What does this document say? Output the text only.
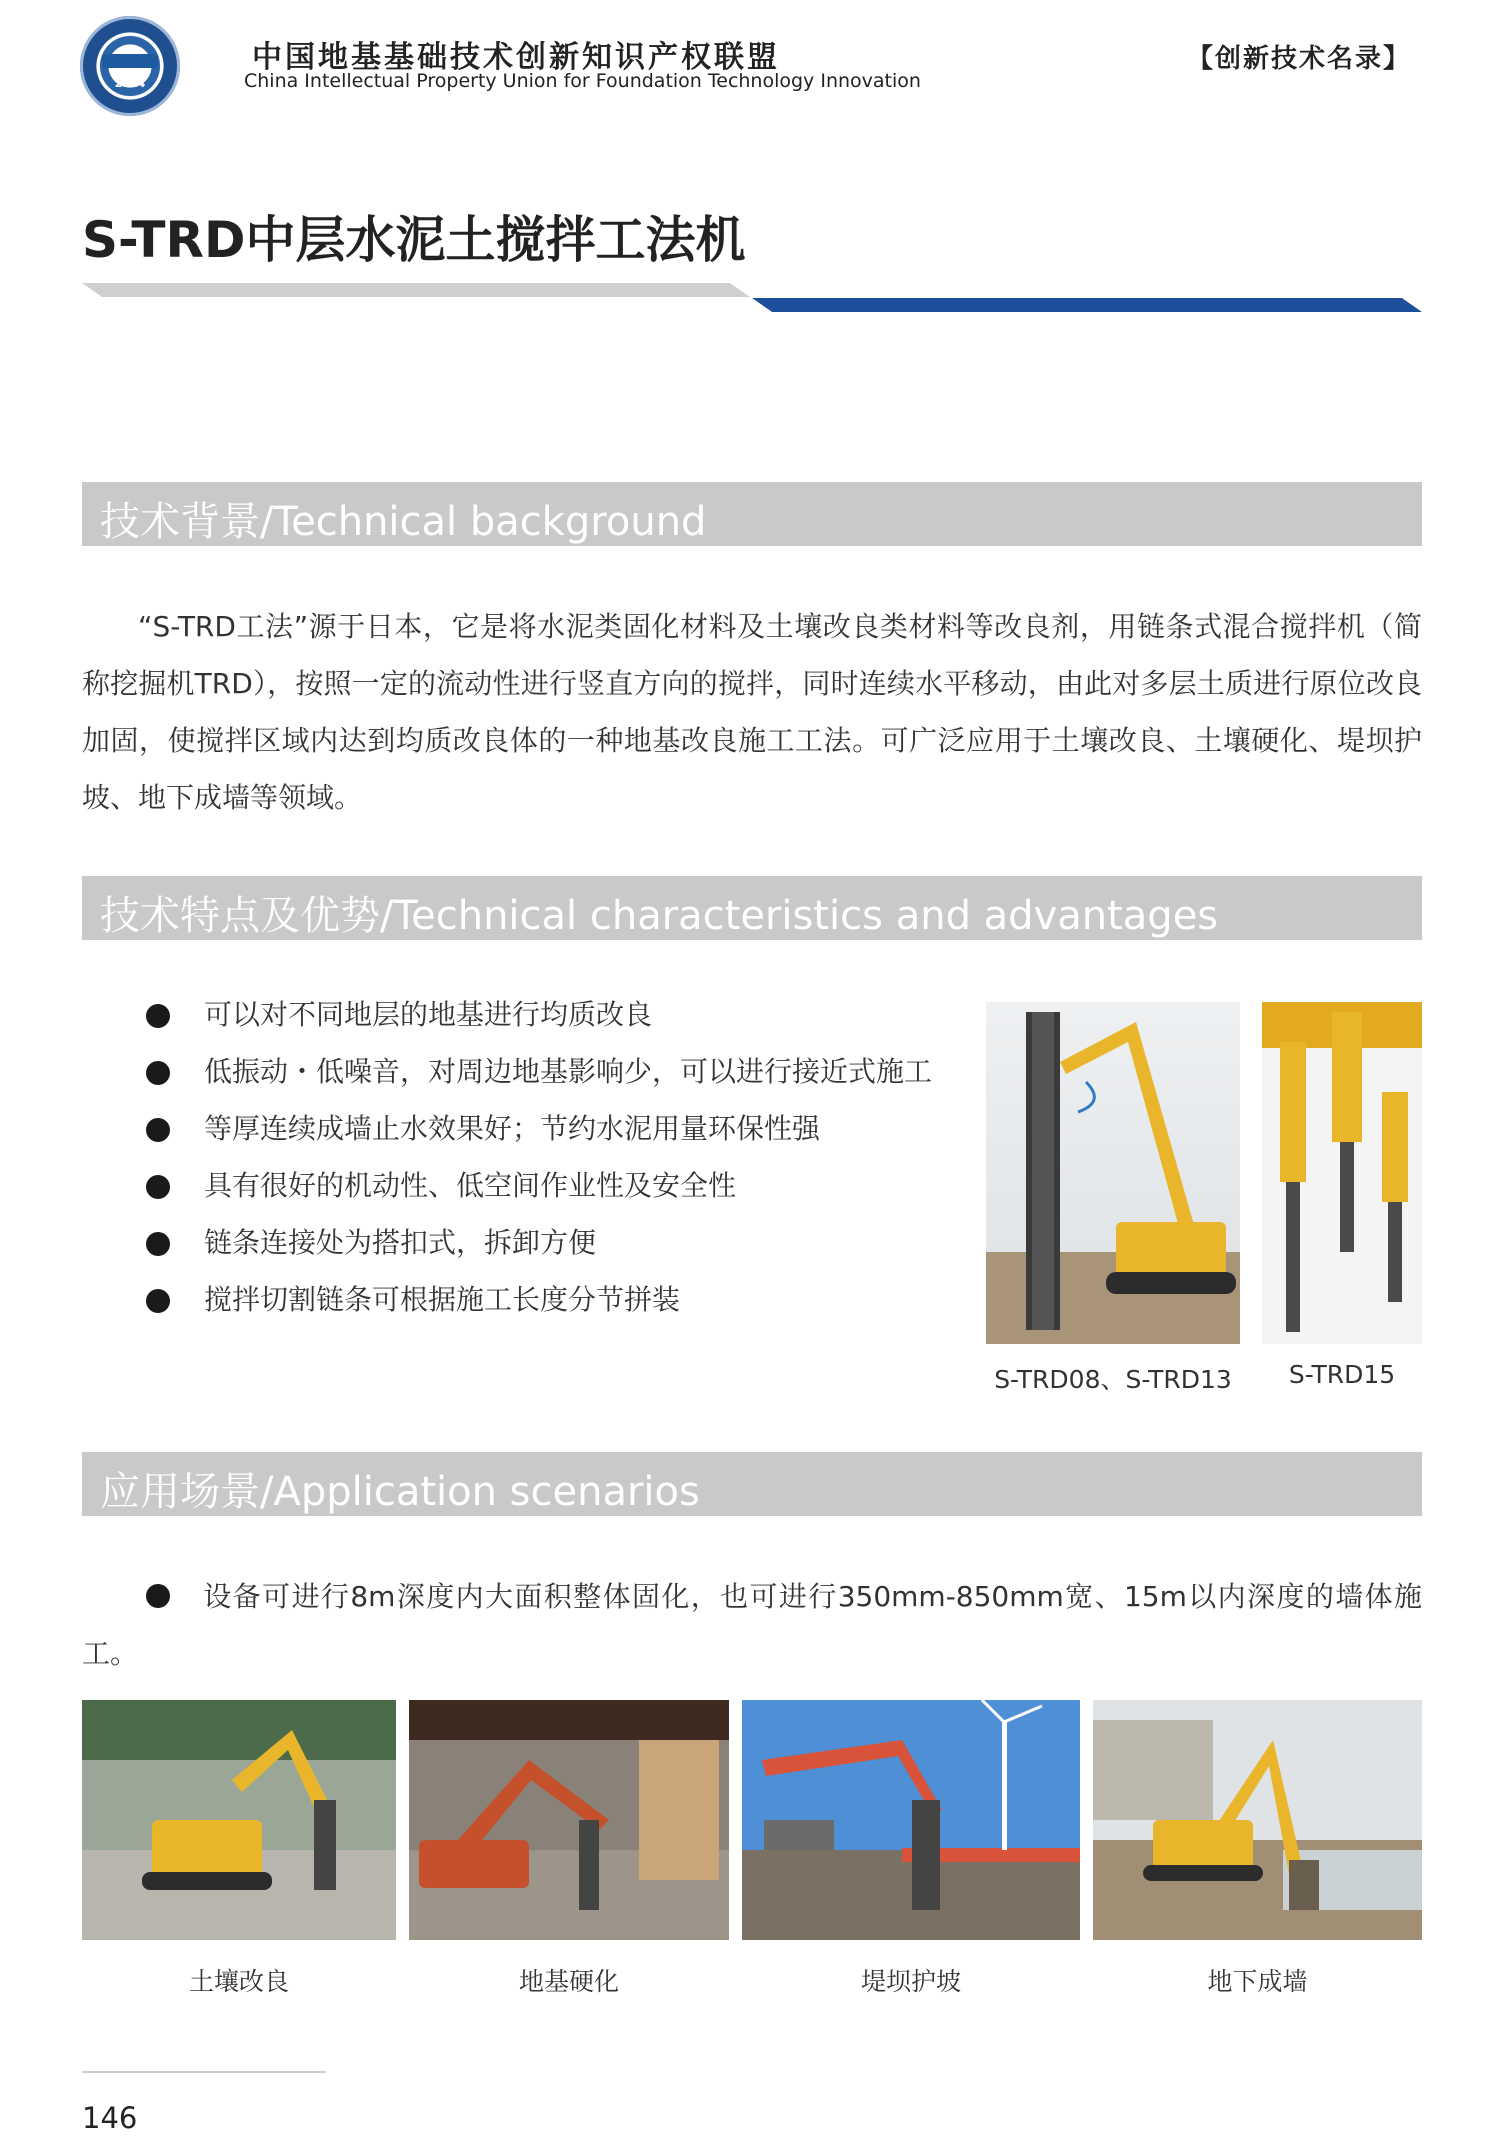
2014
中国地基基础技术创新知识产权联盟
China Intellectual Property Union for Foundation Technology Innovation
【创新技术名录】
S-TRD中层水泥土搅拌工法机
技术背景/Technical background
“S-TRD工法”源于日本，它是将水泥类固化材料及土壤改良类材料等改良剂，用链条式混合搅拌机（简称挖掘机TRD），按照一定的流动性进行竖直方向的搅拌，同时连续水平移动，由此对多层土质进行原位改良加固，使搅拌区域内达到均质改良体的一种地基改良施工工法。可广泛应用于土壤改良、土壤硬化、堤坝护坡、地下成墙等领域。
技术特点及优势/Technical characteristics and advantages
可以对不同地层的地基进行均质改良
低振动・低噪音，对周边地基影响少，可以进行接近式施工
等厚连续成墙止水效果好；节约水泥用量环保性强
具有很好的机动性、低空间作业性及安全性
链条连接处为搭扣式，拆卸方便
搅拌切割链条可根据施工长度分节拼装
S-TRD08、S-TRD13	S-TRD15
应用场景/Application scenarios
设备可进行8m深度内大面积整体固化，也可进行350mm-850mm宽、15m以内深度的墙体施工。
土壤改良	地基硬化	堤坝护坡	地下成墙
146
